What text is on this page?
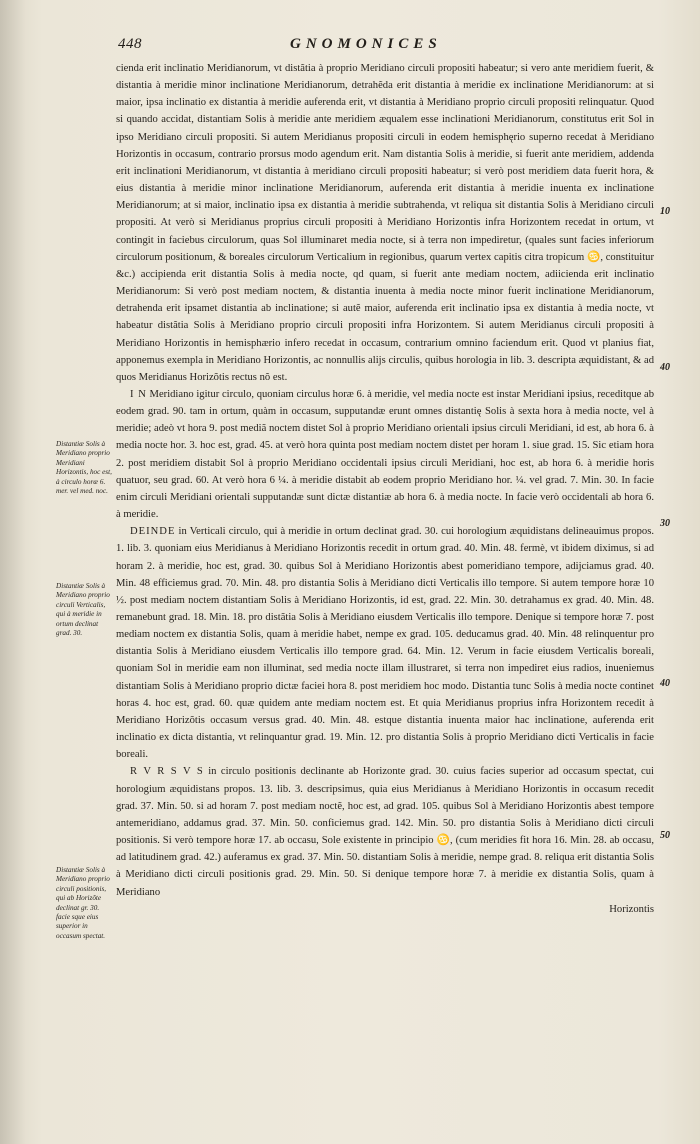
448	GNOMONICES

cienda erit inclinatio Meridianorum, vt distãtia à proprio Meridiano circuli propositi habeatur; si vero ante meridiem fuerit, & distantia à meridie minor inclinatione Meridianorum, detrahẽda erit distantia à meridie ex inclinatione Meridianorum: at si maior, ipsa inclinatio ex distantia à meridie auferenda erit, vt distantia à Meridiano proprio circuli propositi relinquatur. Quod si quando accidat, distantiam Solis à meridie ante meridiem æqualem esse inclinationi Meridianorum, constitutus erit Sol in ipso Meridiano circuli propositi. Si autem Meridianus propositi circuli in eodem hemisphęrio superno recedat à Meridiano Horizontis in occasum, contrario prorsus modo agendum erit. Nam distantia Solis à meridie, si fuerit ante meridiem, addenda erit inclinationi Meridianorum, vt distantia à meridiano circuli propositi habeatur; si verò post meridiem data fuerit hora, & eius distantia à meridie minor inclinatione Meridianorum, auferenda erit distantia à meridie inuenta ex inclinatione Meridianorum; at si maior, inclinatio ipsa ex distantia à meridie subtrahenda, vt reliqua sit distantia Solis à Meridiano circuli propositi. At verò si Meridianus proprius circuli propositi à Meridiano Horizontis infra Horizontem recedat in ortum, vt contingit in faciebus circulorum, quas Sol illuminaret media nocte, si à terra non impediretur, (quales sunt facies inferiorum circulorum positionum, & boreales circulorum Verticalium in regionibus, quarum vertex capitis citra tropicum ♋, constituitur &c.) accipienda erit distantia Solis à media nocte, qd quam, si fuerit ante mediam noctem, adiicienda erit inclinatio Meridianorum: Si verò post mediam noctem, & distantia inuenta à media nocte minor fuerit inclinatione Meridianorum, detrahenda erit ipsamet distantia ab inclinatione; si autẽ maior, auferenda erit inclinatio ipsa ex distantia à media nocte, vt habeatur distãtia Solis à Meridiano proprio circuli propositi infra Horizontem. Si autem Meridianus circuli propositi à Meridiano Horizontis in hemisphærio infero recedat in occasum, contrarium omnino faciendum erit. Quod vt planius fiat, apponemus exempla in Meridiano Horizontis, ac nonnullis alijs circulis, quibus horologia in lib. 3. descripta æquidistant, & ad quos Meridianus Horizõtis rectus nõ est.

I N Meridiano igitur circulo, quoniam circulus horæ 6. à meridie, vel media nocte est instar Meridiani ipsius, receditque ab eodem grad. 90. tam in ortum, quàm in occasum, supputandæ erunt omnes distantię Solis à sexta hora à media nocte, vel à meridie; adeò vt hora 9. post mediã noctem distet Sol à proprio Meridiano orientali ipsius circuli Meridiani, id est, ab hora 6. à media nocte hor. 3. hoc est, grad. 45. at verò hora quinta post mediam noctem distet per horam 1. siue grad. 15. Sic etiam hora 2. post meridiem distabit Sol à proprio Meridiano occidentali ipsius circuli Meridiani, hoc est, ab hora 6. à meridie horis quatuor, seu grad. 60. At verò hora 6 ¼. à meridie distabit ab eodem proprio Meridiano hor. ¼. vel grad. 7. Min. 30. In facie enim circuli Meridiani orientali supputandæ sunt dictæ distantiæ ab hora 6. à media nocte. In facie verò occidentali ab hora 6. à meridie.

DEINDE in Verticali circulo, qui à meridie in ortum declinat grad. 30. cui horologium æquidistans delineauimus propos. 1. lib. 3. quoniam eius Meridianus à Meridiano Horizontis recedit in ortum grad. 40. Min. 48. fermè, vt ibidem diximus, si ad horam 2. à meridie, hoc est, grad. 30. quibus Sol à Meridiano Horizontis abest pomeridiano tempore, adijciamus grad. 40. Min. 48 efficiemus grad. 70. Min. 48. pro distantia Solis à Meridiano dicti Verticalis illo tempore. Si autem tempore horæ 10 ½. post mediam noctem distantiam Solis à Meridiano Horizontis, id est, grad. 22. Min. 30. detrahamus ex grad. 40. Min. 48. remanebunt grad. 18. Min. 18. pro distãtia Solis à Meridiano eiusdem Verticalis illo tempore. Denique si tempore horæ 7. post mediam noctem ex distantia Solis, quam à meridie habet, nempe ex grad. 105. deducamus grad. 40. Min. 48 relinquentur pro distantia Solis à Meridiano eiusdem Verticalis illo tempore grad. 64. Min. 12. Verum in facie eiusdem Verticalis boreali, quoniam Sol in meridie eam non illuminat, sed media nocte illam illustraret, si terra non impediret eius radios, inueniemus distantiam Solis à Meridiano proprio dictæ faciei hora 8. post meridiem hoc modo. Distantia tunc Solis à media nocte continet horas 4. hoc est, grad. 60. quæ quidem ante mediam noctem est. Et quia Meridianus proprius infra Horizontem recedit à Meridiano Horizõtis occasum versus grad. 40. Min. 48. estque distantia inuenta maior hac inclinatione, auferenda erit inclinatio ex dicta distantia, vt relinquantur grad. 19. Min. 12. pro distantia Solis à proprio Meridiano dicti Verticalis in facie boreali.

R V R S V S in circulo positionis declinante ab Horizonte grad. 30. cuius facies superior ad occasum spectat, cui horologium æquidistans propos. 13. lib. 3. descripsimus, quia eius Meridianus à Meridiano Horizontis in occasum recedit grad. 37. Min. 50. si ad horam 7. post mediam noctẽ, hoc est, ad grad. 105. quibus Sol à Meridiano Horizontis abest tempore antemeridiano, addamus grad. 37. Min. 50. conficiemus grad. 142. Min. 50. pro distantia Solis à Meridiano dicti circuli positionis. Si verò tempore horæ 17. ab occasu, Sole existente in principio ♋, (cum meridies fit hora 16. Min. 28. ab occasu, ad latitudinem grad. 42.) auferamus ex grad. 37. Min. 50. distantiam Solis à meridie, nempe grad. 8. reliqua erit distantia Solis à Meridiano dicti circuli positionis grad. 29. Min. 50. Si denique tempore horæ 7. à meridie ex distantia Solis, quam à Meridiano

Horizontis

Distantiæ Solis à Meridiano proprio Meridiani Horizontis, hoc est, à circulo horæ 6. mer. vel med. noc.
Distantiæ Solis à Meridiano proprio circuli Verticalis, qui à meridie in ortum declinat grad. 30.
Distantiæ Solis à Meridiano proprio circuli positionis, qui ab Horizõte declinat gr. 30. facie sque eius superior in occasum spectat.
10
40
30
40
50
